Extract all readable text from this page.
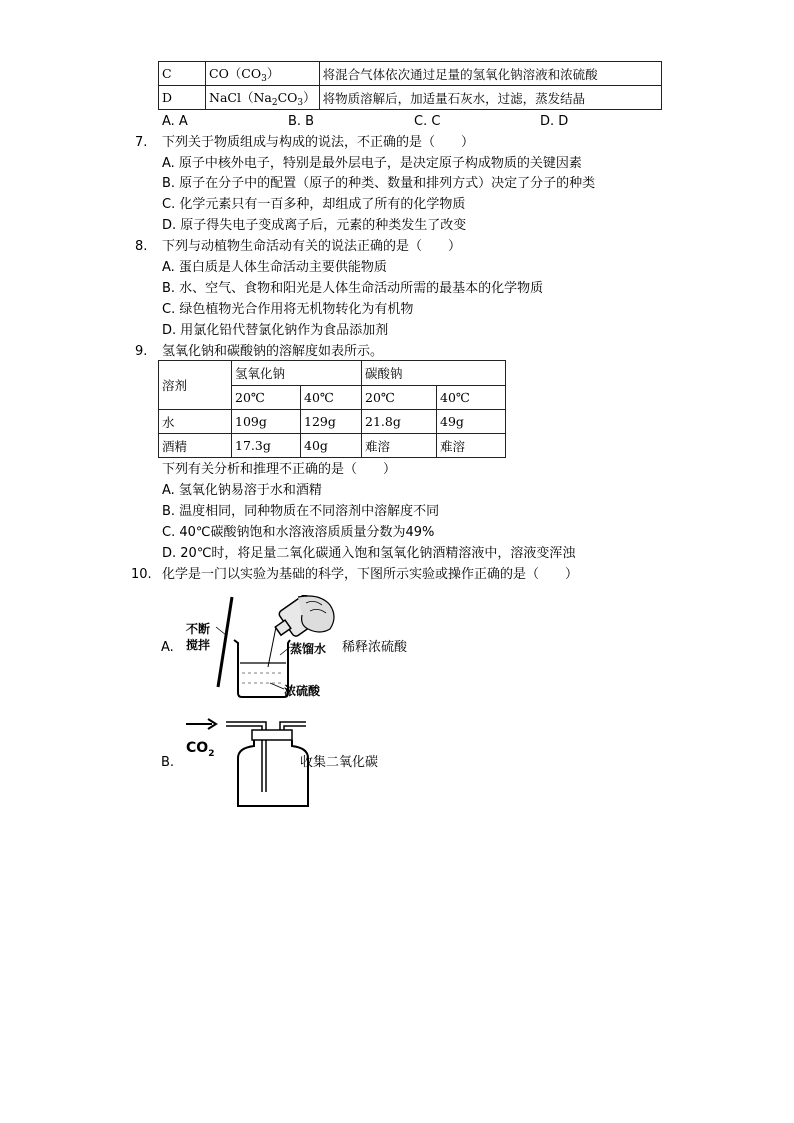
C	$CO(CO_3)$	将混合气体依次通过足量的氢氧化钠溶液和浓硫酸
D	$NaCl(Na_2CO_3)$	将物质溶解后，加适量石灰水，过滤，蒸发结晶
A. A	B. B	C. C	D. D
7. 下列关于物质组成与构成的说法，不正确的是（　　）
A. 原子中核外电子，特别是最外层电子，是决定原子构成物质的关键因素
B. 原子在分子中的配置（原子的种类、数量和排列方式）决定了分子的种类
C. 化学元素只有一百多种，却组成了所有的化学物质
D. 原子得失电子变成离子后，元素的种类发生了改变
8. 下列与动植物生命活动有关的说法正确的是（　　）
A. 蛋白质是人体生命活动主要供能物质
B. 水、空气、食物和阳光是人体生命活动所需的最基本的化学物质
C. 绿色植物光合作用将无机物转化为有机物
D. 用氯化铅代替氯化钠作为食品添加剂
9. 氢氧化钠和碳酸钠的溶解度如表所示。
溶剂	氢氧化钠		碳酸钠	
	20℃	40℃	20℃	40℃
水	109g	129g	21.8g	49g
酒精	17.3g	40g	难溶	难溶
下列有关分析和推理不正确的是（　　）
A. 氢氧化钠易溶于水和酒精
B. 温度相同，同种物质在不同溶剂中溶解度不同
C. 40℃碳酸钠饱和水溶液溶质质量分数为49%
D. 20℃时，将足量二氧化碳通入饱和氢氧化钠酒精溶液中，溶液变浑浊
10. 化学是一门以实验为基础的科学，下图所示实验或操作正确的是（　　）
A.
不断
搅拌	蒸馏水
浓硫酸
稀释浓硫酸
B.
$CO_2$
收集二氧化碳
